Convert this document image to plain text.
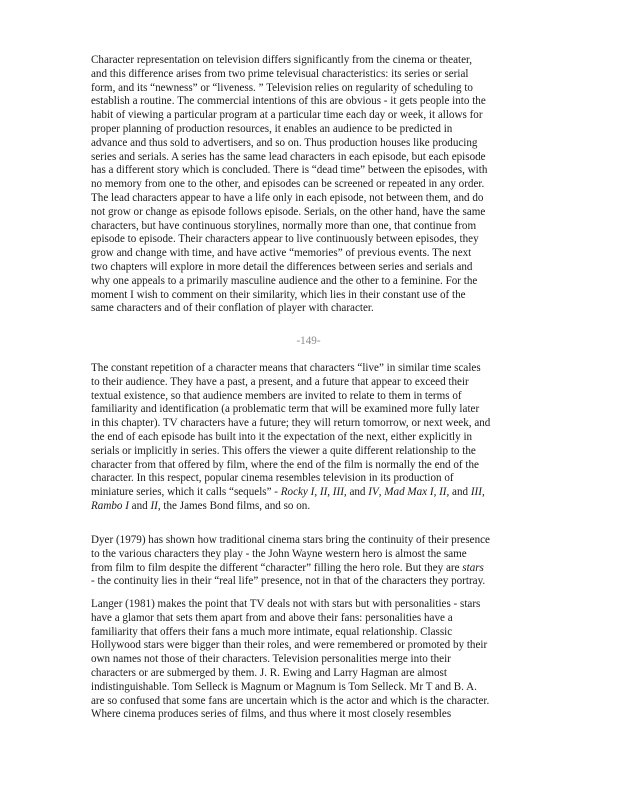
Character representation on television differs significantly from the cinema or theater,
and this difference arises from two prime televisual characteristics: its series or serial
form, and its “newness” or “liveness. ” Television relies on regularity of scheduling to
establish a routine. The commercial intentions of this are obvious - it gets people into the
habit of viewing a particular program at a particular time each day or week, it allows for
proper planning of production resources, it enables an audience to be predicted in
advance and thus sold to advertisers, and so on. Thus production houses like producing
series and serials. A series has the same lead characters in each episode, but each episode
has a different story which is concluded. There is “dead time” between the episodes, with
no memory from one to the other, and episodes can be screened or repeated in any order.
The lead characters appear to have a life only in each episode, not between them, and do
not grow or change as episode follows episode. Serials, on the other hand, have the same
characters, but have continuous storylines, normally more than one, that continue from
episode to episode. Their characters appear to live continuously between episodes, they
grow and change with time, and have active “memories” of previous events. The next
two chapters will explore in more detail the differences between series and serials and
why one appeals to a primarily masculine audience and the other to a feminine. For the
moment I wish to comment on their similarity, which lies in their constant use of the
same characters and of their conflation of player with character.
-149-
The constant repetition of a character means that characters “live” in similar time scales
to their audience. They have a past, a present, and a future that appear to exceed their
textual existence, so that audience members are invited to relate to them in terms of
familiarity and identification (a problematic term that will be examined more fully later
in this chapter). TV characters have a future; they will return tomorrow, or next week, and
the end of each episode has built into it the expectation of the next, either explicitly in
serials or implicitly in series. This offers the viewer a quite different relationship to the
character from that offered by film, where the end of the film is normally the end of the
character. In this respect, popular cinema resembles television in its production of
miniature series, which it calls “sequels” - Rocky I, II, III, and IV, Mad Max I, II, and III,
Rambo I and II, the James Bond films, and so on.
Dyer (1979) has shown how traditional cinema stars bring the continuity of their presence
to the various characters they play - the John Wayne western hero is almost the same
from film to film despite the different “character” filling the hero role. But they are stars
- the continuity lies in their “real life” presence, not in that of the characters they portray.
Langer (1981) makes the point that TV deals not with stars but with personalities - stars
have a glamor that sets them apart from and above their fans: personalities have a
familiarity that offers their fans a much more intimate, equal relationship. Classic
Hollywood stars were bigger than their roles, and were remembered or promoted by their
own names not those of their characters. Television personalities merge into their
characters or are submerged by them. J. R. Ewing and Larry Hagman are almost
indistinguishable. Tom Selleck is Magnum or Magnum is Tom Selleck. Mr T and B. A.
are so confused that some fans are uncertain which is the actor and which is the character.
Where cinema produces series of films, and thus where it most closely resembles
